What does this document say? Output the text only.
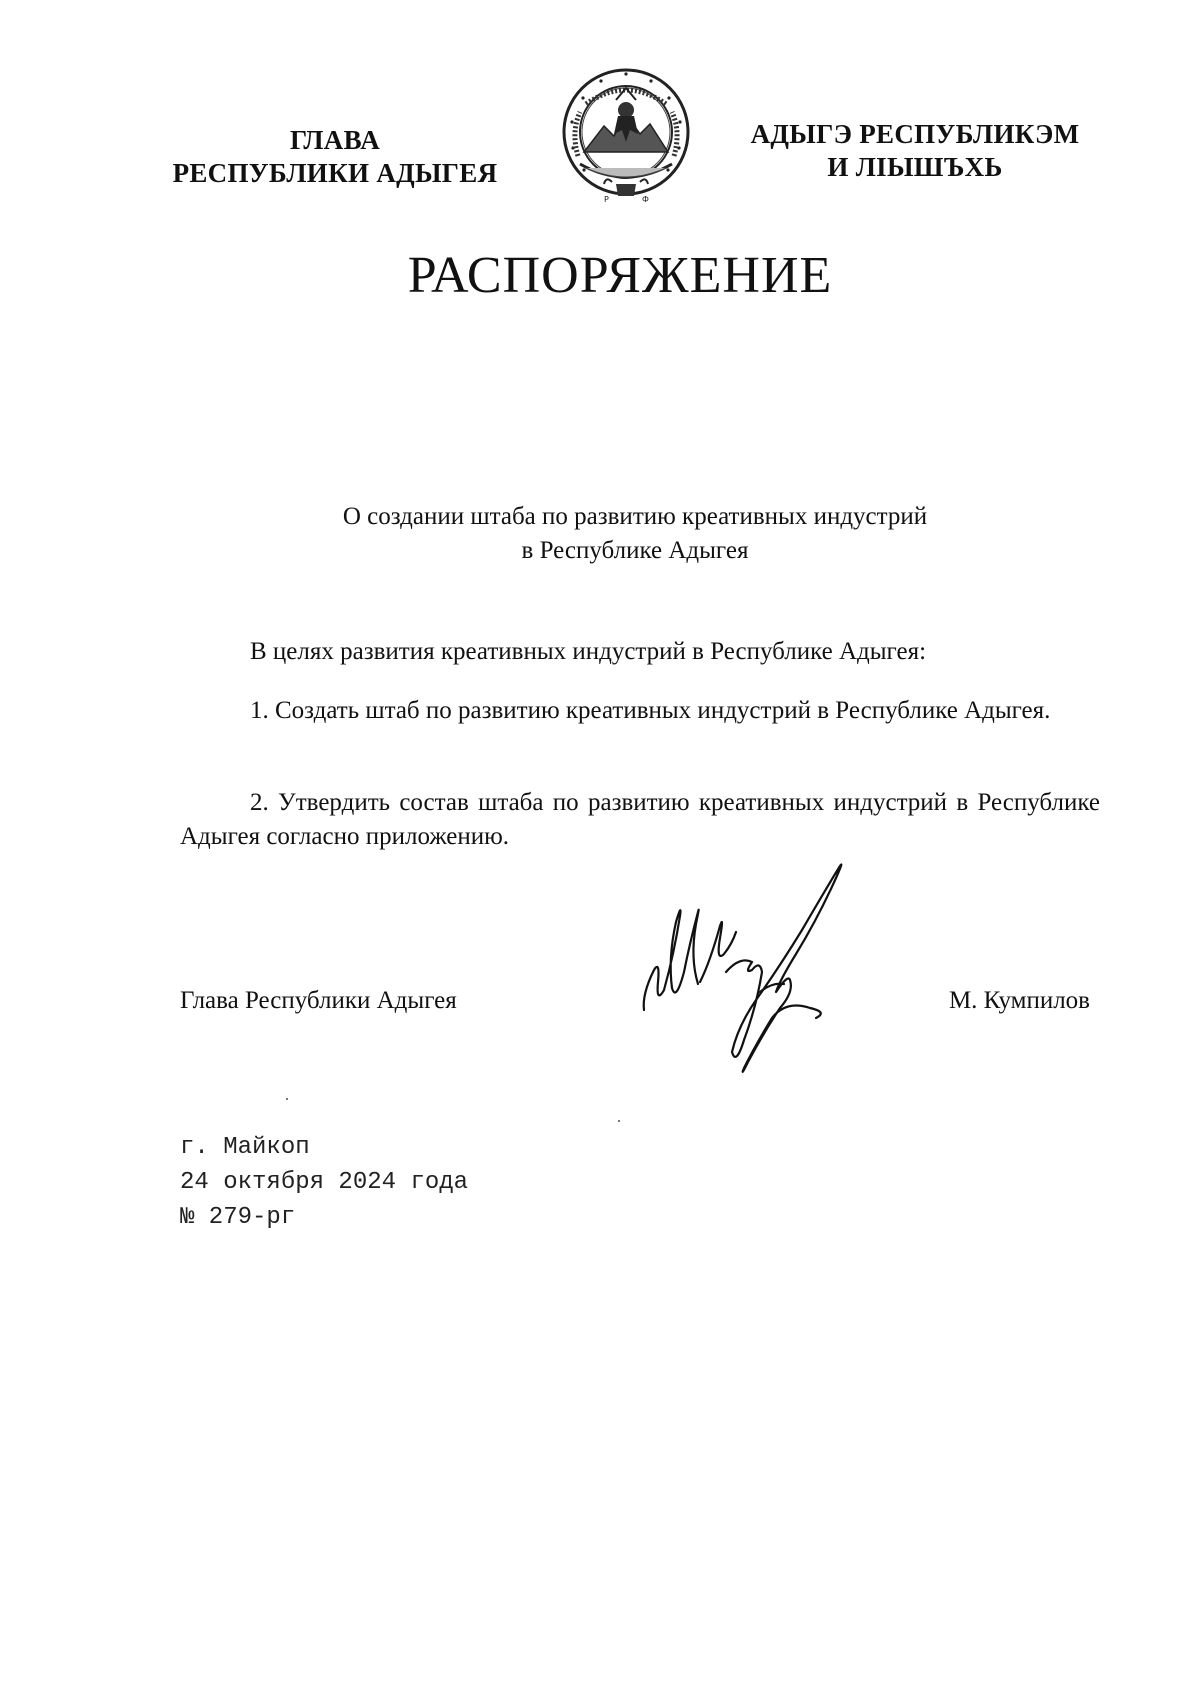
ГЛАВА
РЕСПУБЛИКИ АДЫГЕЯ
Р	Ф
АДЫГЭ РЕСПУБЛИКЭМ
И ЛIЫШЪХЬ
РАСПОРЯЖЕНИЕ
О создании штаба по развитию креативных индустрий
в Республике Адыгея
В целях развития креативных индустрий в Республике Адыгея:
1. Создать штаб по развитию креативных индустрий в Республике Адыгея.
2. Утвердить состав штаба по развитию креативных индустрий в Республике Адыгея согласно приложению.
Глава Республики Адыгея	М. Кумпилов
г. Майкоп
24 октября 2024 года
№ 279-рг
